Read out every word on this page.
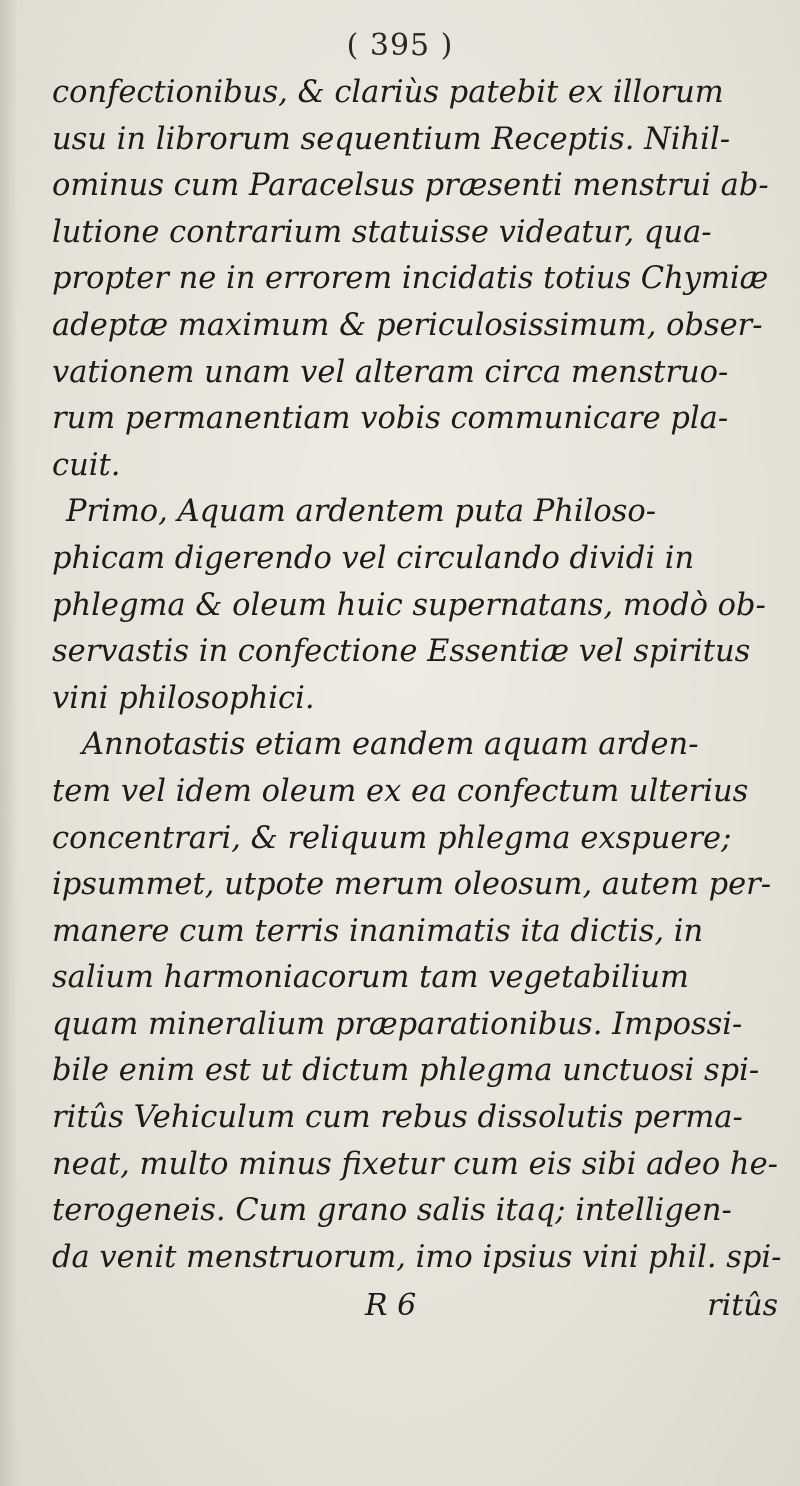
( 395 )
confectionibus, & clariùs patebit ex illorum
usu in librorum sequentium Receptis. Nihil-
ominus cum Paracelsus præsenti menstrui ab-
lutione contrarium statuisse videatur, qua-
propter ne in errorem incidatis totius Chymiæ
adeptæ maximum & periculosissimum, obser-
vationem unam vel alteram circa menstruo-
rum permanentiam vobis communicare pla-
cuit.
Primo, Aquam ardentem puta Philoso-
phicam digerendo vel circulando dividi in
phlegma & oleum huic supernatans, modò ob-
servastis in confectione Essentiæ vel spiritus
vini philosophici.
Annotastis etiam eandem aquam arden-
tem vel idem oleum ex ea confectum ulterius
concentrari, & reliquum phlegma exspuere;
ipsummet, utpote merum oleosum, autem per-
manere cum terris inanimatis ita dictis, in
salium harmoniacorum tam vegetabilium
quam mineralium præparationibus. Impossi-
bile enim est ut dictum phlegma unctuosi spi-
ritûs Vehiculum cum rebus dissolutis perma-
neat, multo minus fixetur cum eis sibi adeo he-
terogeneis. Cum grano salis itaq; intelligen-
da venit menstruorum, imo ipsius vini phil. spi-
R 6	ritûs
